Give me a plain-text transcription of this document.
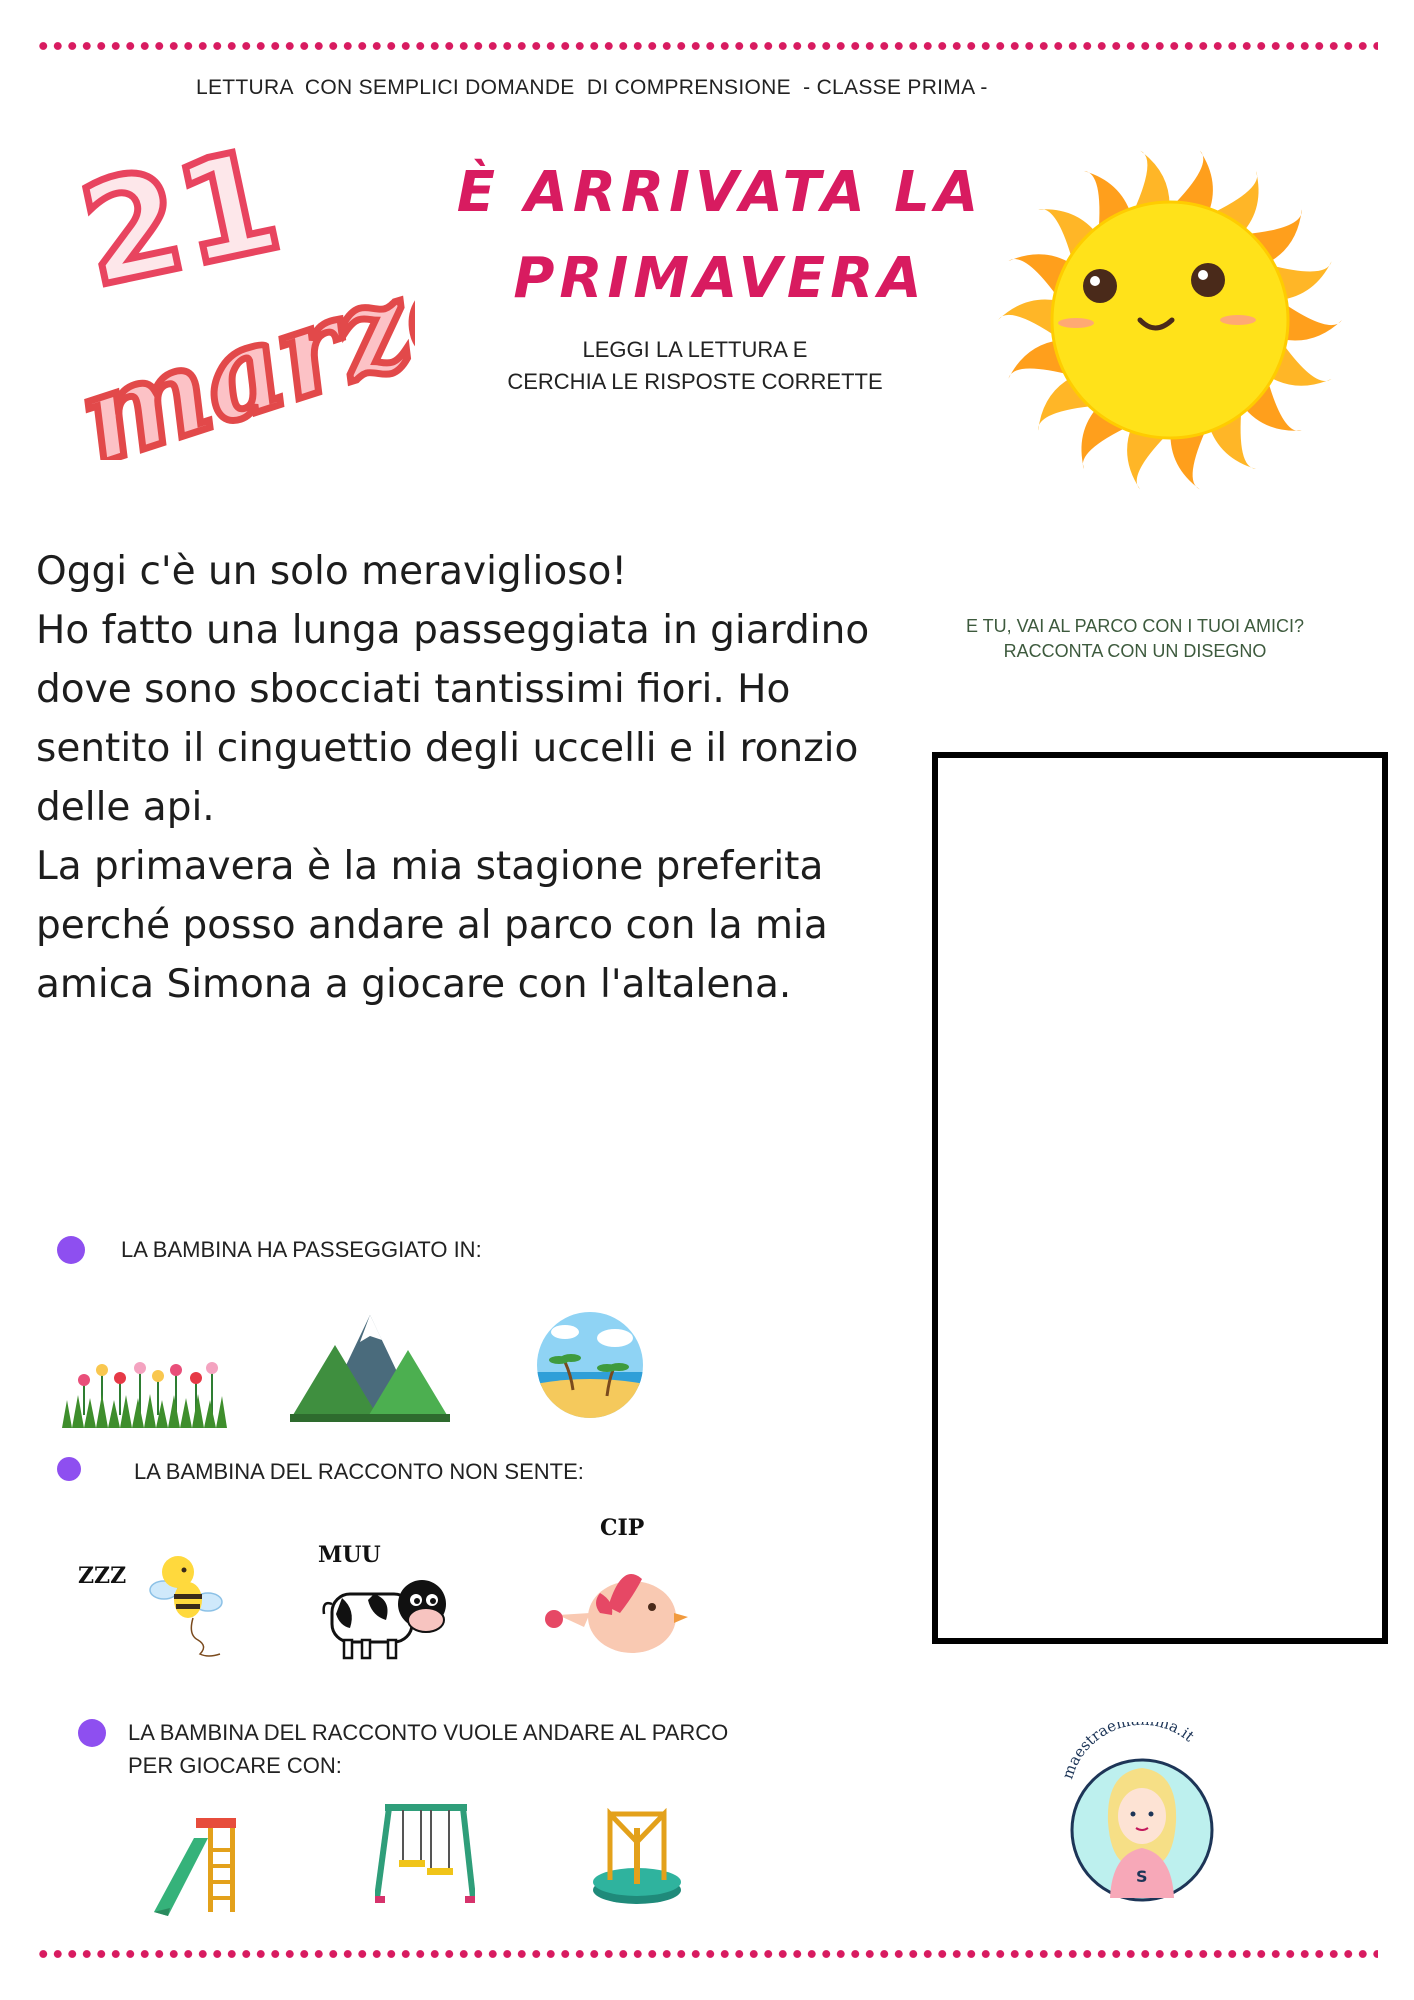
LETTURA  CON SEMPLICI DOMANDE  DI COMPRENSIONE  - CLASSE PRIMA -
21
marzo
È ARRIVATA LA
PRIMAVERA
LEGGI LA LETTURA E
CERCHIA LE RISPOSTE CORRETTE
Oggi c'è un solo meraviglioso!
Ho fatto una lunga passeggiata in giardino
dove sono sbocciati tantissimi fiori. Ho
sentito il cinguettio degli uccelli e il ronzio
delle api.
La primavera è la mia stagione preferita
perché posso andare al parco con la mia
amica Simona a giocare con l'altalena.
E TU, VAI AL PARCO CON I TUOI AMICI?
RACCONTA CON UN DISEGNO
LA BAMBINA HA PASSEGGIATO IN:
LA BAMBINA DEL RACCONTO NON SENTE:
ZZZ
MUU
CIP
LA BAMBINA DEL RACCONTO VUOLE ANDARE AL PARCO
PER GIOCARE CON:	maestraem ma.it
S
